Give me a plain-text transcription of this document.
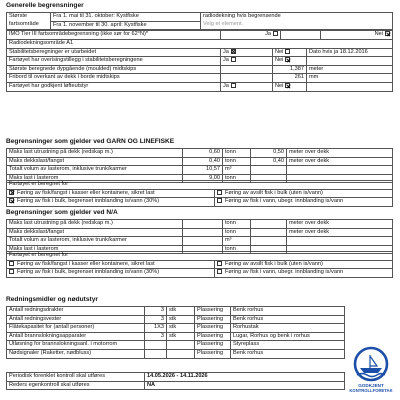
Generelle begrensninger
Største	Fra 1. mai til 31. oktober: Kystfiske	radiodekning hvis begrensende
fartsområde	Fra 1. november til 30. april: Kystfiske	Velg et element.
IMO Tier III fartsområdebegrensning (ikke sør for 62°N)*	Ja		Nei
Radiodekningsområde A1			
Stabilitetsberegninger er utarbeidet	Ja	Nei	Dato hvis ja 18.12.2016
Fartøyet har overisingstillegg i stabilitetsberegningene	Ja	Nei	
Største beregnede dypgående (moulded) midtskips		1,387	meter
Fribord til overkant av dekk i borde midtskips		261	mm
Fartøyet har godkjent løfteutstyr	Ja	Nei	
Begrensninger som gjelder ved GARN OG LINEFISKE
Maks last utrustning på dekk (redskap m.)	0,60	tonn	0,50	meter over dekk
Maks dekkslast/fangst	0,40	tonn	0,40	meter over dekk
Totalt volum av lasterom, inklusive trunk/karmer	10,57	m³		
Maks last i lasterom	9,00	tonn		
Fartøyet er beregnet for	
Føring av fisk/fangst i kasser eller kontainere, sikret last	Føring av avsilt fisk i bulk (uten is/vann)
Føring av fisk i bulk, begrenset innblanding is/vann (30%)	Føring av fisk i vann, ubegr. innblanding is/vann
Begrensninger som gjelder ved N/A
Maks last utrustning på dekk (redskap m.)		tonn		meter over dekk
Maks dekkslast/fangst		tonn		meter over dekk
Totalt volum av lasterom, inklusive trunk/karmer		m³		
Maks last i lasterom		tonn		
Fartøyet er beregnet for	
Føring av fisk/fangst i kasser eller kontainere, sikret last	Føring av avsilt fisk i bulk (uten is/vann)
Føring av fisk i bulk, begrenset innblanding is/vann (30%)	Føring av fisk i vann, ubegr. innblanding is/vann
Redningsmidler og nødutstyr
Antall redningsdrakter	3	stk	Plassering	Benk rorhus
Antall redningsvester	3	stk	Plassering	Benk rorhus
Flåtekapasitet for (antall personer)	1X3	stk	Plassering	Rorhustak
Antall brannslokningsapparater	3	stk	Plassering	Lugar, Rorhus og benk i rorhus
Utløsning for brannslokningsanl. i motorrom			Plassering	Styreplass
Nødsignaler (Raketter, nødbluss)			Plassering	Benk rorhus
Periodisk forenklet kontroll skal utføres	14.05.2026 - 14.11.2026
Reders egenkontroll skal utføres	NA	GODKJENT
KONTROLLFORETAK
